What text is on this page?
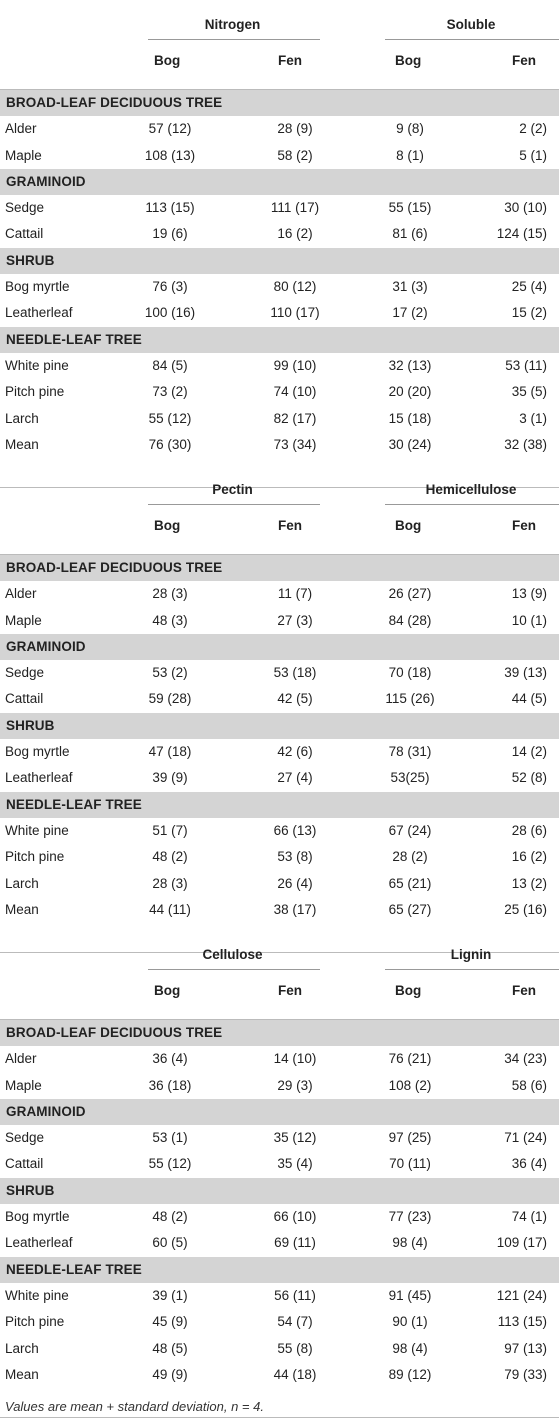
Nitrogen	Soluble
Bog	Fen	Bog	Fen
BROAD-LEAF DECIDUOUS TREE
Alder	57 (12)	28 (9)	9 (8)	2 (2)
Maple	108 (13)	58 (2)	8 (1)	5 (1)
GRAMINOID
Sedge	113 (15)	111 (17)	55 (15)	30 (10)
Cattail	19 (6)	16 (2)	81 (6)	124 (15)
SHRUB
Bog myrtle	76 (3)	80 (12)	31 (3)	25 (4)
Leatherleaf	100 (16)	110 (17)	17 (2)	15 (2)
NEEDLE-LEAF TREE
White pine	84 (5)	99 (10)	32 (13)	53 (11)
Pitch pine	73 (2)	74 (10)	20 (20)	35 (5)
Larch	55 (12)	82 (17)	15 (18)	3 (1)
Mean	76 (30)	73 (34)	30 (24)	32 (38)
Pectin	Hemicellulose
Bog	Fen	Bog	Fen
BROAD-LEAF DECIDUOUS TREE
Alder	28 (3)	11 (7)	26 (27)	13 (9)
Maple	48 (3)	27 (3)	84 (28)	10 (1)
GRAMINOID
Sedge	53 (2)	53 (18)	70 (18)	39 (13)
Cattail	59 (28)	42 (5)	115 (26)	44 (5)
SHRUB
Bog myrtle	47 (18)	42 (6)	78 (31)	14 (2)
Leatherleaf	39 (9)	27 (4)	53(25)	52 (8)
NEEDLE-LEAF TREE
White pine	51 (7)	66 (13)	67 (24)	28 (6)
Pitch pine	48 (2)	53 (8)	28 (2)	16 (2)
Larch	28 (3)	26 (4)	65 (21)	13 (2)
Mean	44 (11)	38 (17)	65 (27)	25 (16)
Cellulose	Lignin
Bog	Fen	Bog	Fen
BROAD-LEAF DECIDUOUS TREE
Alder	36 (4)	14 (10)	76 (21)	34 (23)
Maple	36 (18)	29 (3)	108 (2)	58 (6)
GRAMINOID
Sedge	53 (1)	35 (12)	97 (25)	71 (24)
Cattail	55 (12)	35 (4)	70 (11)	36 (4)
SHRUB
Bog myrtle	48 (2)	66 (10)	77 (23)	74 (1)
Leatherleaf	60 (5)	69 (11)	98 (4)	109 (17)
NEEDLE-LEAF TREE
White pine	39 (1)	56 (11)	91 (45)	121 (24)
Pitch pine	45 (9)	54 (7)	90 (1)	113 (15)
Larch	48 (5)	55 (8)	98 (4)	97 (13)
Mean	49 (9)	44 (18)	89 (12)	79 (33)
Values are mean + standard deviation, n = 4.
